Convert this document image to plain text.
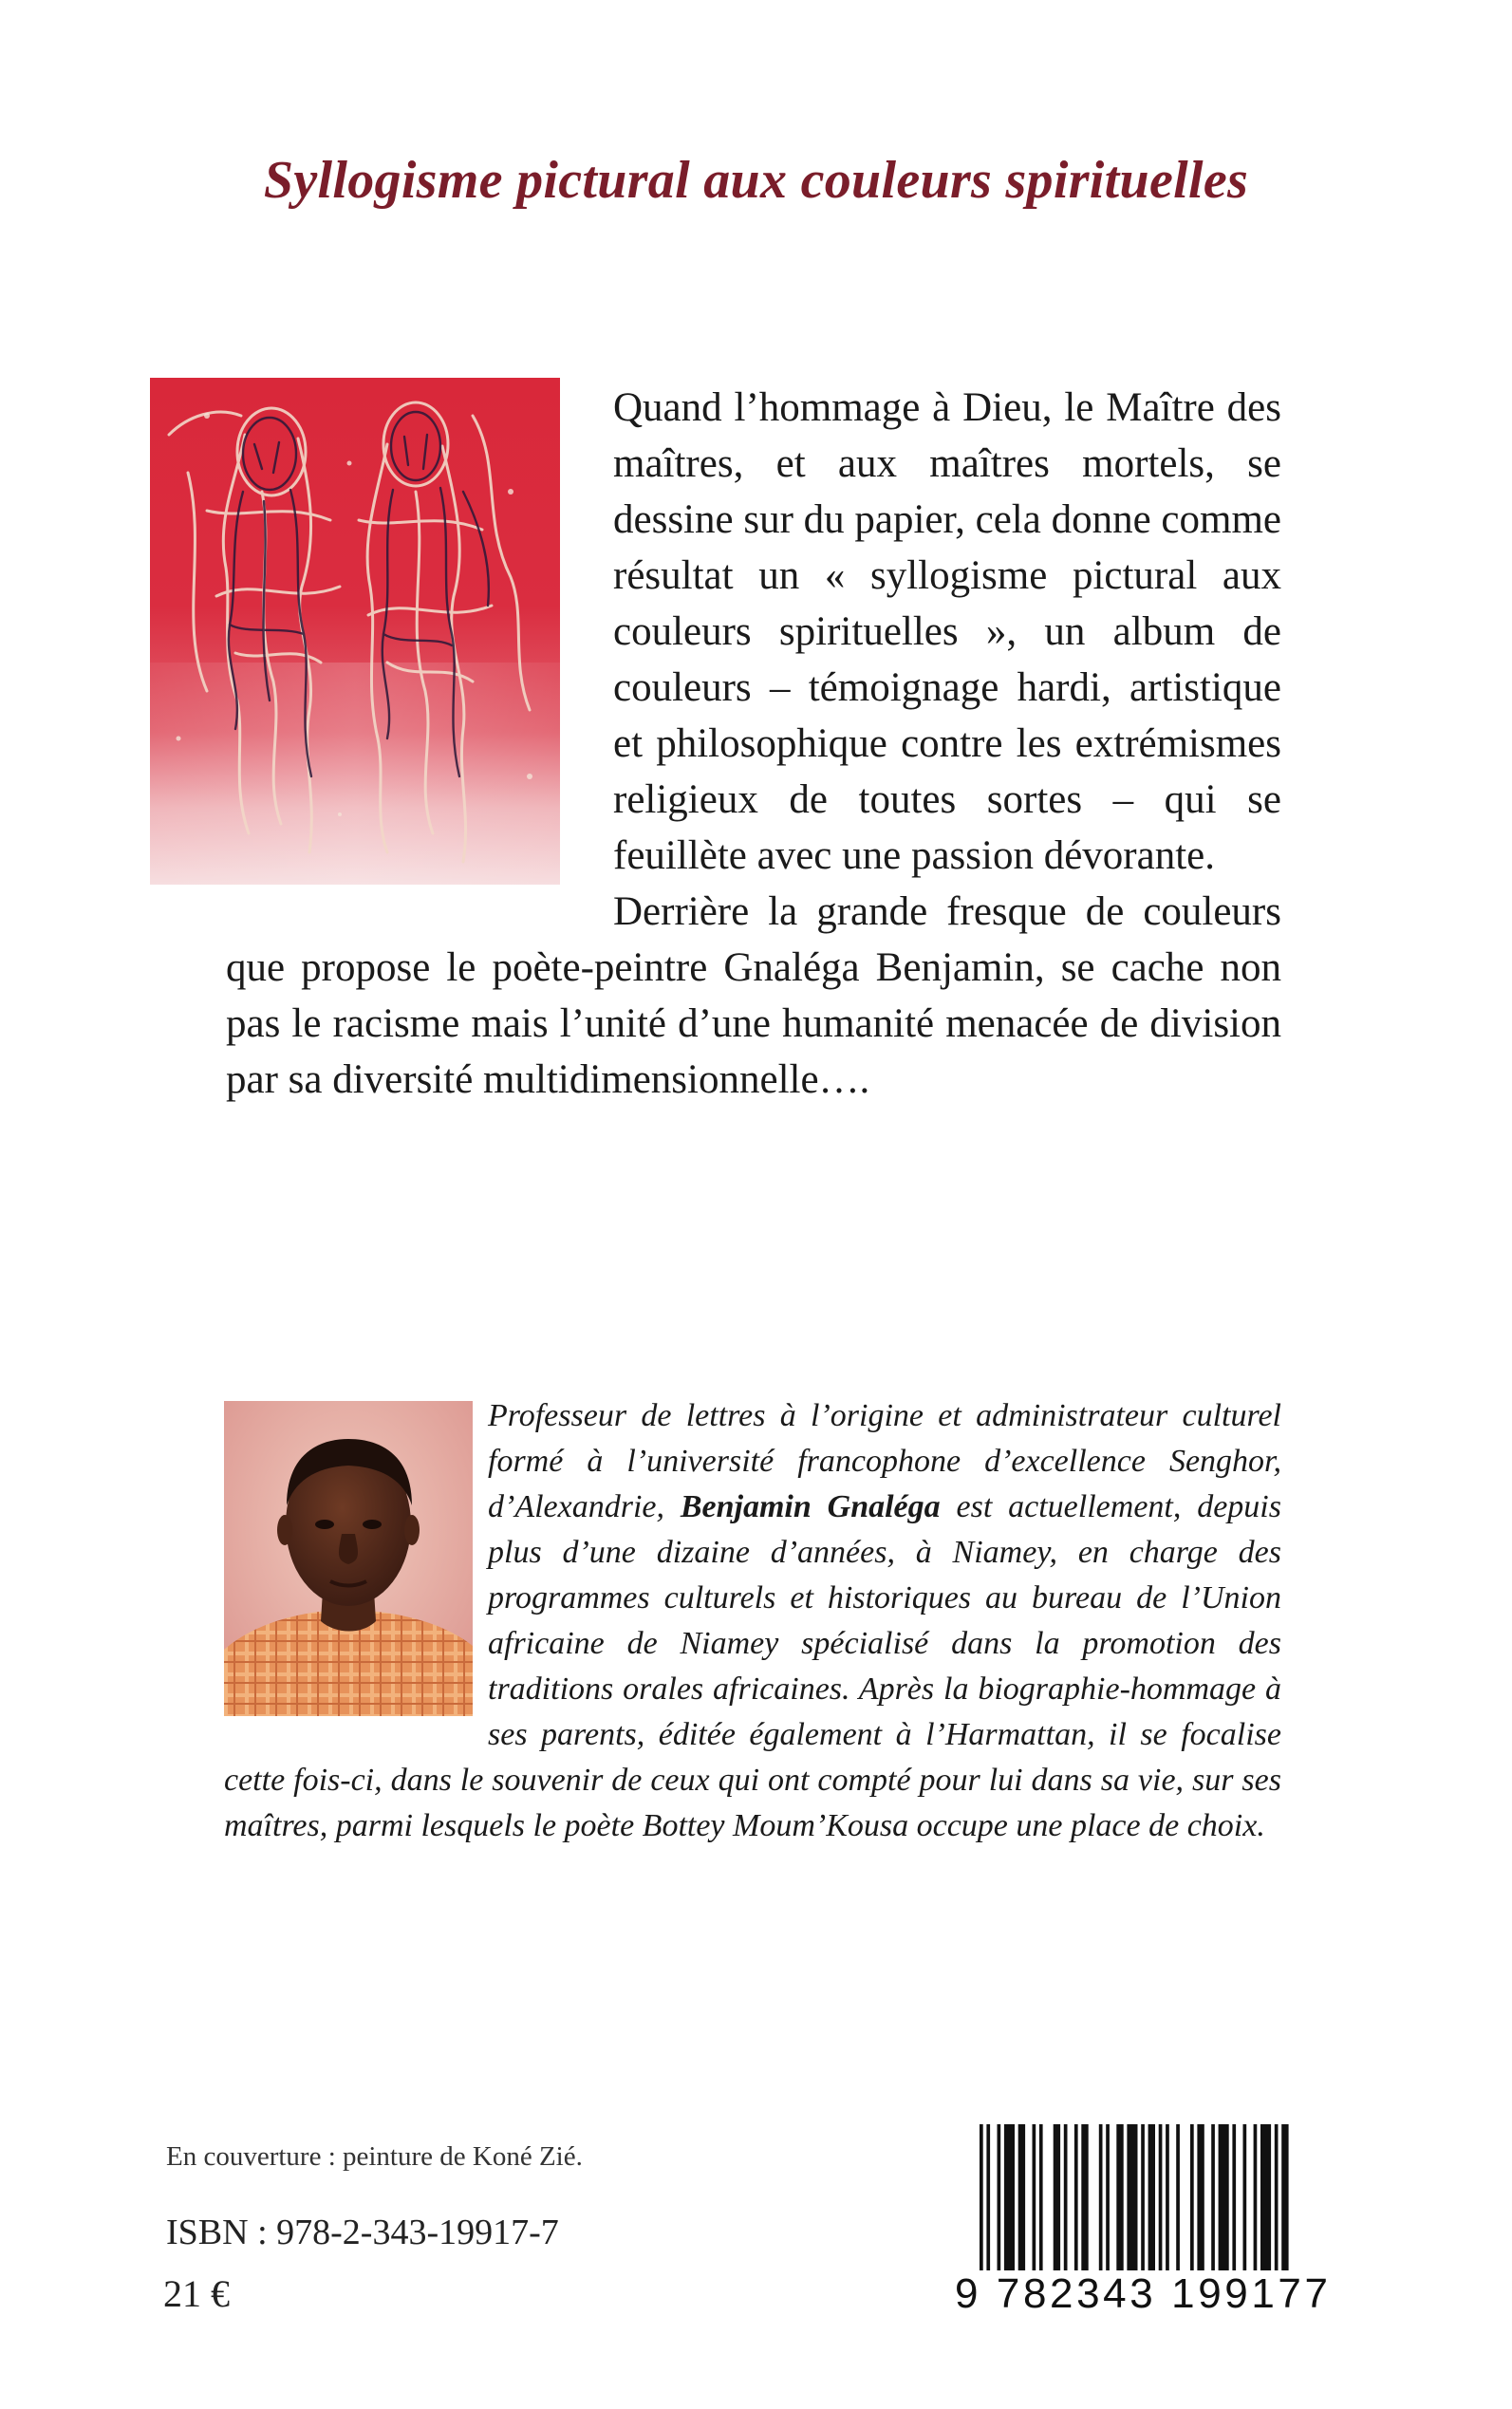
Syllogisme pictural aux couleurs spirituelles
Quand l’hommage à Dieu, le Maître des maîtres, et aux maîtres mortels, se dessine sur du papier, cela donne comme résultat un « syllogisme pictural aux couleurs spirituelles », un album de couleurs – témoignage hardi, artistique et philosophique contre les extrémismes religieux de toutes sortes – qui se feuillète avec une passion dévorante.
Derrière la grande fresque de couleurs que propose le poète-peintre Gnaléga Benjamin, se cache non pas le racisme mais l’unité d’une humanité menacée de division par sa diversité multidimensionnelle….
Professeur de lettres à l’origine et administrateur culturel formé à l’université francophone d’excellence Senghor, d’Alexandrie, Benjamin Gnaléga est actuellement, depuis plus d’une dizaine d’années, à Niamey, en charge des programmes culturels et historiques au bureau de l’Union africaine de Niamey spécialisé dans la promotion des traditions orales africaines. Après la biographie-hommage à ses parents, éditée également à l’Harmattan, il se focalise cette fois-ci, dans le souvenir de ceux qui ont compté pour lui dans sa vie, sur ses maîtres, parmi lesquels le poète Bottey Moum’Kousa occupe une place de choix.
En couverture : peinture de Koné Zié.
ISBN : 978-2-343-19917-7
21 €	9 782343 199177
